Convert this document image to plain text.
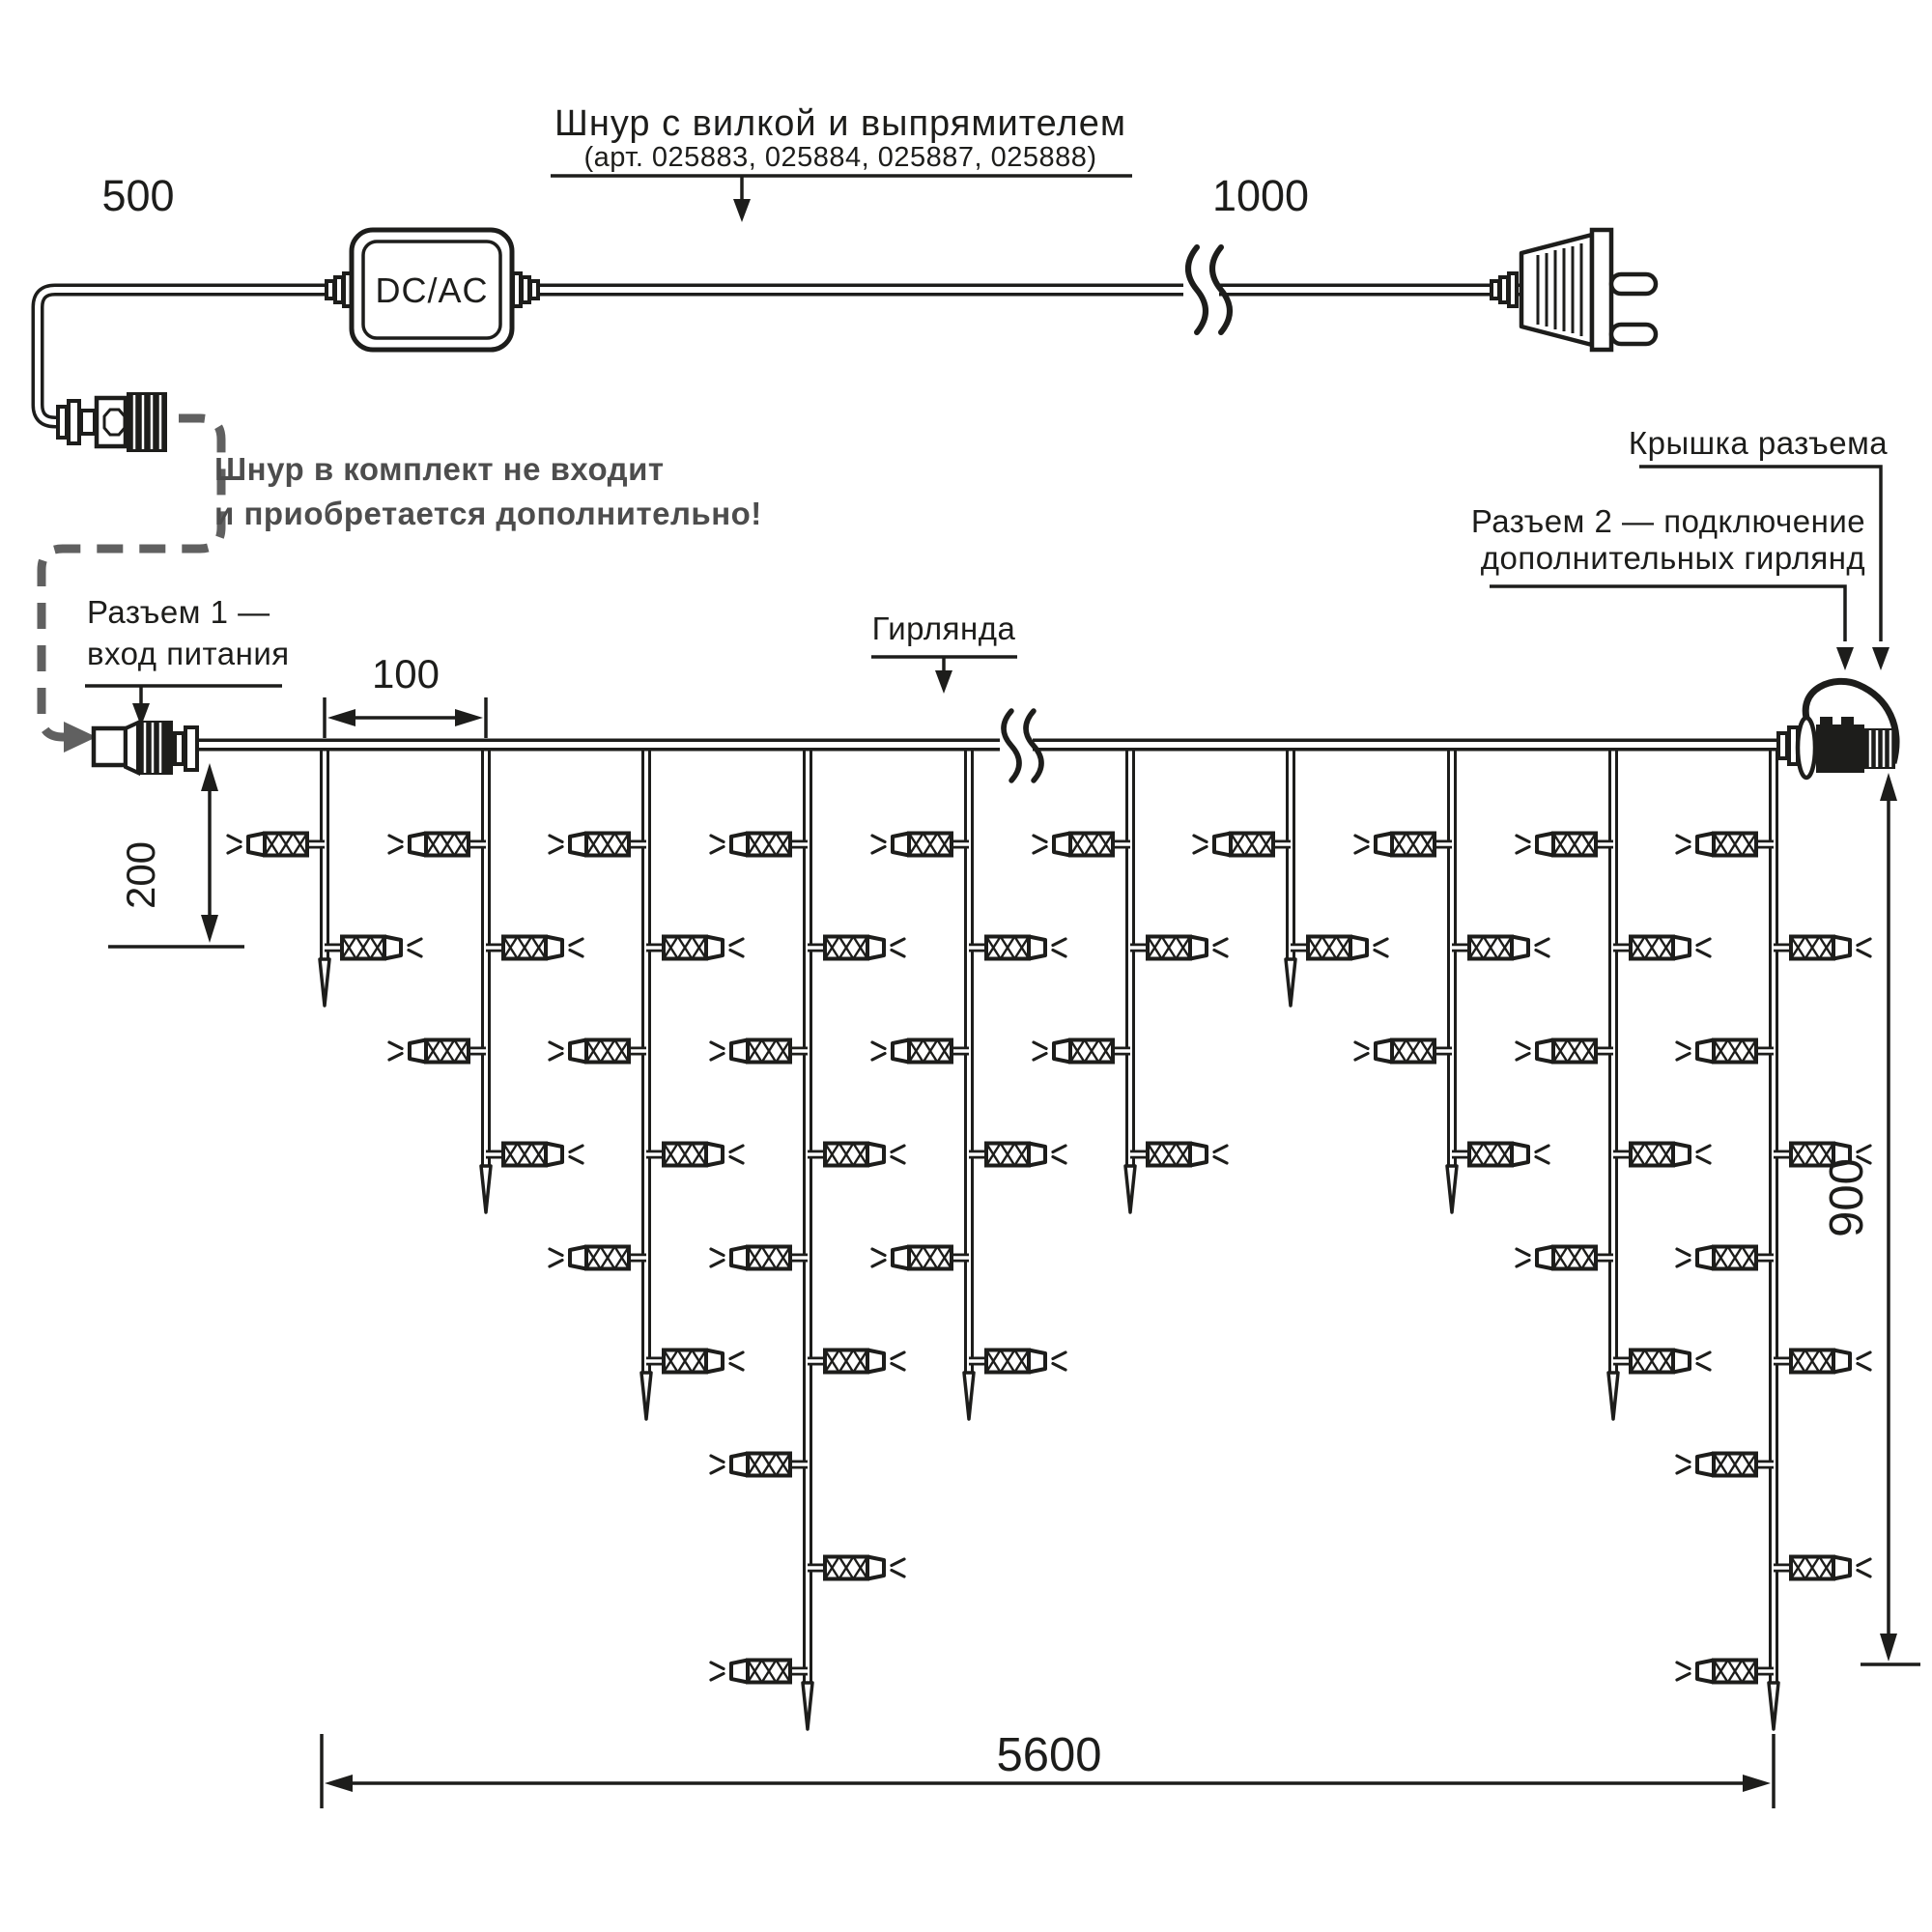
DC/AC
500	1000
Шнур с вилкой и выпрямителем
(арт. 025883, 025884, 025887, 025888)
Шнур в комплект не входит
и приобретается дополнительно!
Разъем 1 —
вход питания
Гирлянда
Крышка разъема
Разъем 2 — подключение
дополнительных гирлянд
100
200
5600
900
